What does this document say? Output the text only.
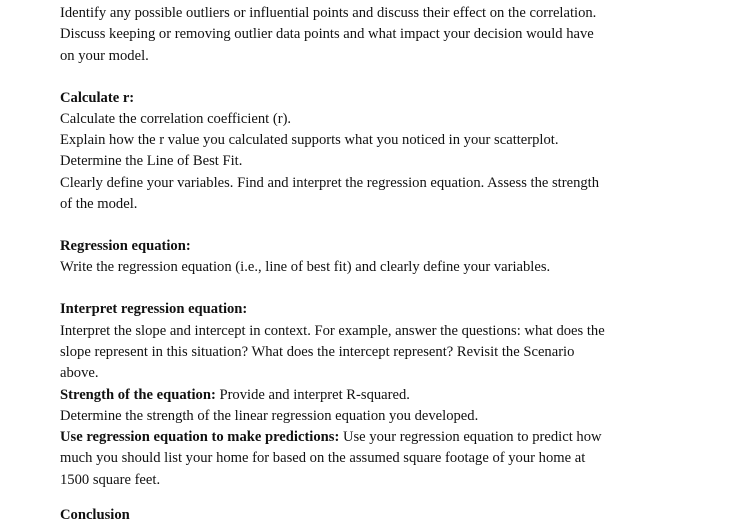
Identify any possible outliers or influential points and discuss their effect on the correlation.
Discuss keeping or removing outlier data points and what impact your decision would have
on your model.
Calculate r:
Calculate the correlation coefficient (r).
Explain how the r value you calculated supports what you noticed in your scatterplot.
Determine the Line of Best Fit.
Clearly define your variables. Find and interpret the regression equation. Assess the strength
of the model.
Regression equation:
Write the regression equation (i.e., line of best fit) and clearly define your variables.
Interpret regression equation:
Interpret the slope and intercept in context. For example, answer the questions: what does the
slope represent in this situation? What does the intercept represent? Revisit the Scenario
above.
Strength of the equation: Provide and interpret R-squared.
Determine the strength of the linear regression equation you developed.
Use regression equation to make predictions: Use your regression equation to predict how
much you should list your home for based on the assumed square footage of your home at
1500 square feet.
Conclusion
